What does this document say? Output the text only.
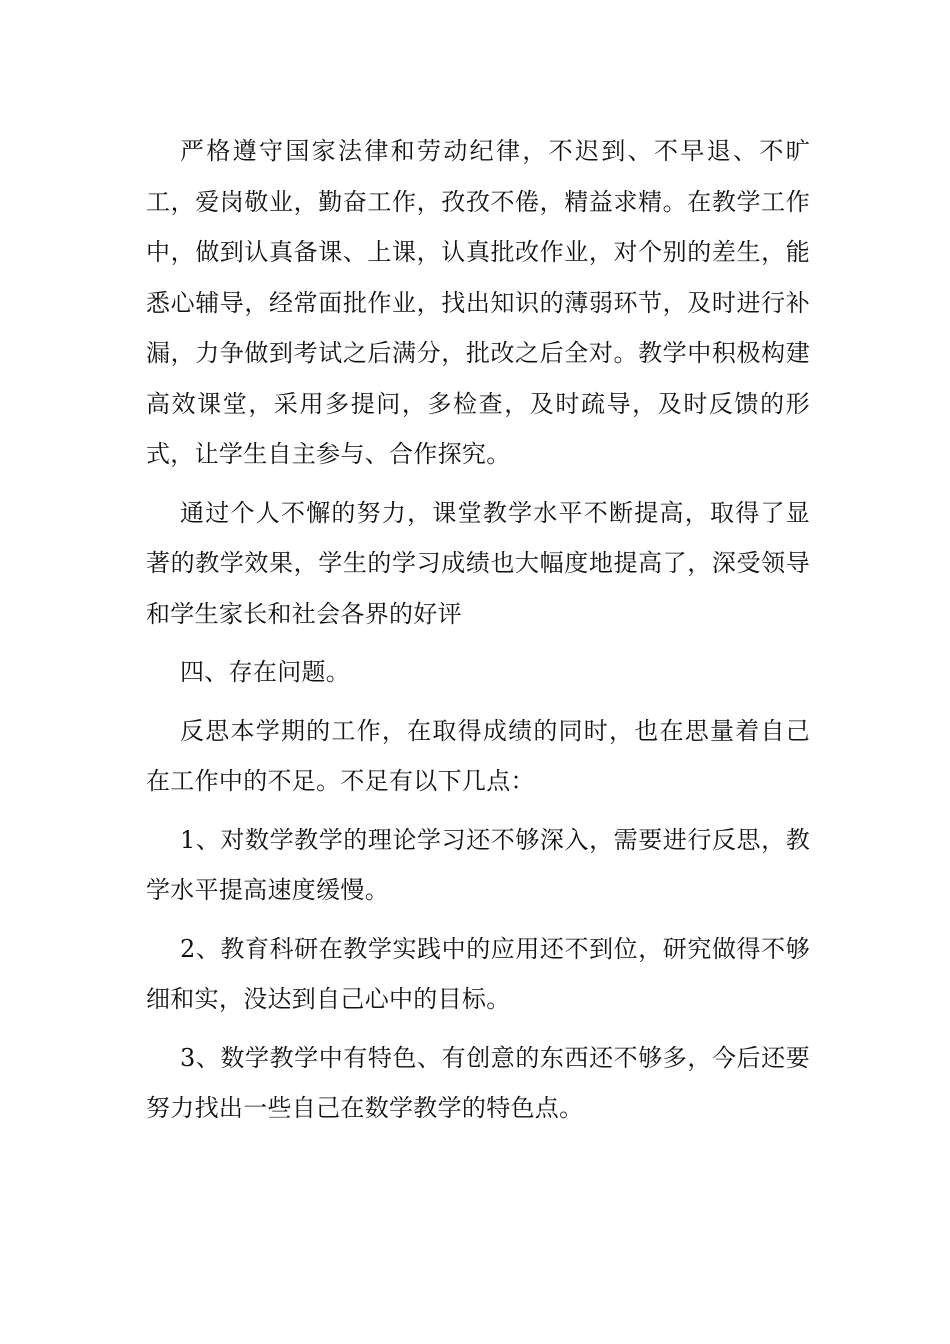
严格遵守国家法律和劳动纪律，不迟到、不早退、不旷工，爱岗敬业，勤奋工作，孜孜不倦，精益求精。在教学工作中，做到认真备课、上课，认真批改作业，对个别的差生，能悉心辅导，经常面批作业，找出知识的薄弱环节，及时进行补漏，力争做到考试之后满分，批改之后全对。教学中积极构建高效课堂，采用多提问，多检查，及时疏导，及时反馈的形式，让学生自主参与、合作探究。

通过个人不懈的努力，课堂教学水平不断提高，取得了显著的教学效果，学生的学习成绩也大幅度地提高了，深受领导和学生家长和社会各界的好评

四、存在问题。

反思本学期的工作，在取得成绩的同时，也在思量着自己在工作中的不足。不足有以下几点：

1、对数学教学的理论学习还不够深入，需要进行反思，教学水平提高速度缓慢。

2、教育科研在教学实践中的应用还不到位，研究做得不够细和实，没达到自己心中的目标。

3、数学教学中有特色、有创意的东西还不够多，今后还要努力找出一些自己在数学教学的特色点。
